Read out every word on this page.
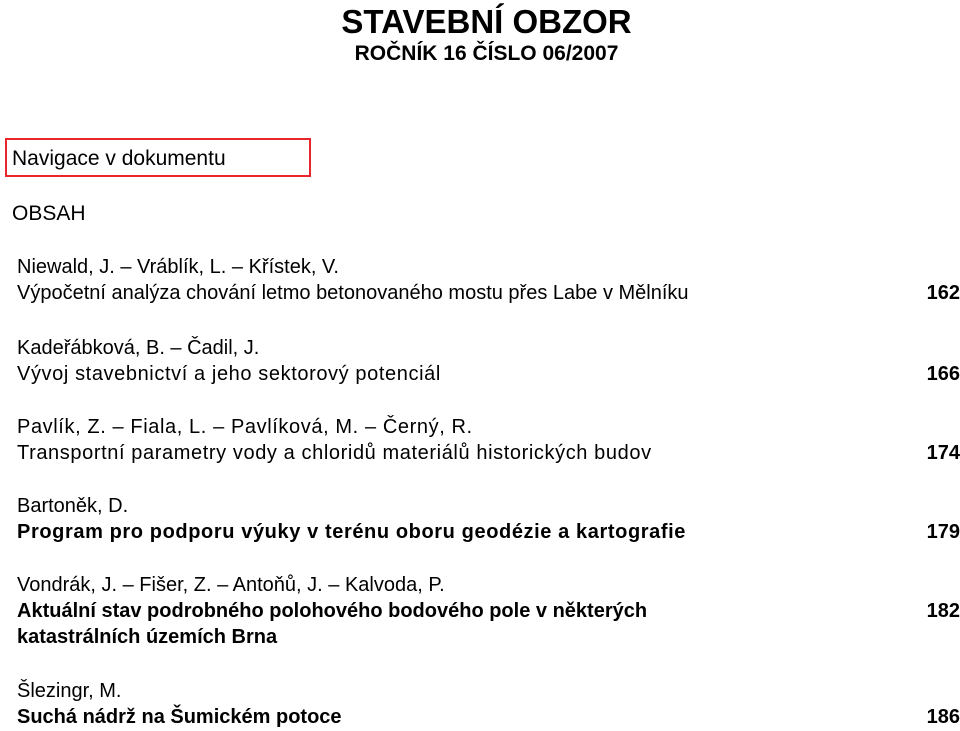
STAVEBNÍ OBZOR
ROČNÍK 16 ČÍSLO 06/2007
Navigace v dokumentu
OBSAH
Niewald, J. – Vráblík, L. – Křístek, V.
Výpočetní analýza chování letmo betonovaného mostu přes Labe v Mělníku	162
Kadeřábková, B. – Čadil, J.
Vývoj stavebnictví a jeho sektorový potenciál	166
Pavlík, Z. – Fiala, L. – Pavlíková, M. – Černý, R.
Transportní parametry vody a chloridů materiálů historických budov	174
Bartoněk, D.
Program pro podporu výuky v terénu oboru geodézie a kartografie	179
Vondrák, J. – Fišer, Z. – Antoňů, J. – Kalvoda, P.
Aktuální stav podrobného polohového bodového pole v některých
katastrálních územích Brna
182
Šlezingr, M.
Suchá nádrž na Šumickém potoce	186
